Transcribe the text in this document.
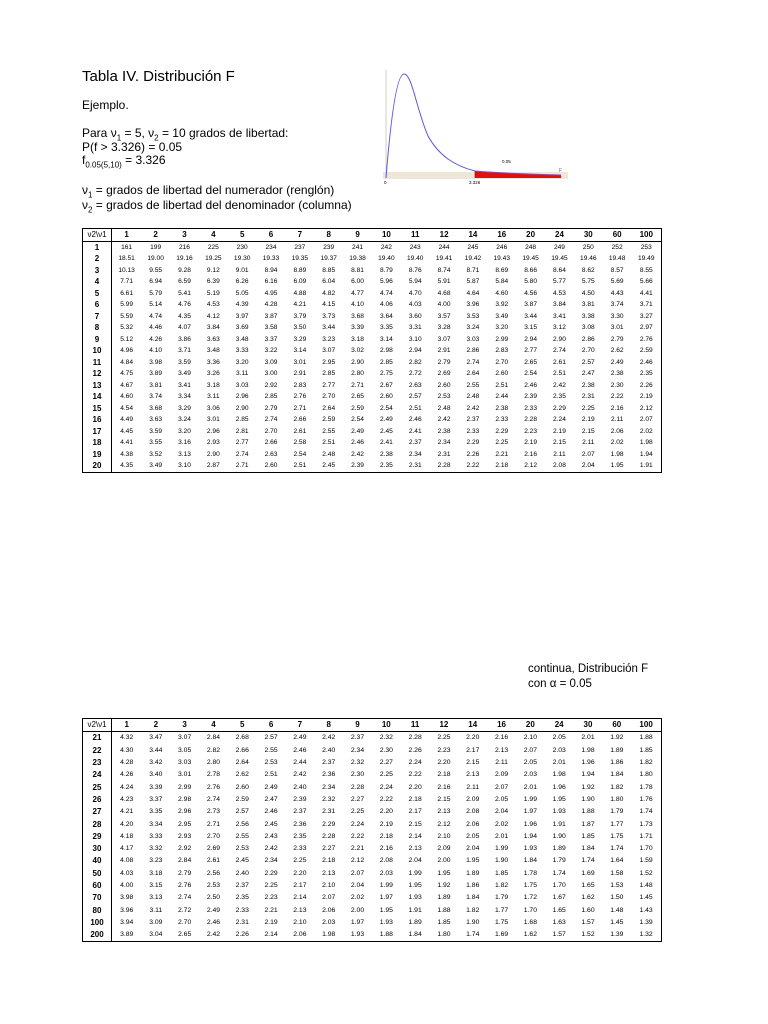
Tabla IV. Distribución F
Ejemplo.
Para $\nu_1 = 5$, $\nu_2 = 10$ grados de libertad:
P(f > 3.326) = 0.05
$f_{0.05(5,10)} = 3.326$
$\nu_1$ = grados de libertad del numerador (renglón)
$\nu_2$ = grados de libertad del denominador (columna)
0.05
0	3.326
F
ν2\ν1	1	2	3	4	5	6	7	8	9	10	11	12	14	16	20	24	30	60	100
1	161	199	216	225	230	234	237	239	241	242	243	244	245	246	248	249	250	252	253
2	18.51	19.00	19.16	19.25	19.30	19.33	19.35	19.37	19.38	19.40	19.40	19.41	19.42	19.43	19.45	19.45	19.46	19.48	19.49
3	10.13	9.55	9.28	9.12	9.01	8.94	8.89	8.85	8.81	8.79	8.76	8.74	8.71	8.69	8.66	8.64	8.62	8.57	8.55
4	7.71	6.94	6.59	6.39	6.26	6.16	6.09	6.04	6.00	5.96	5.94	5.91	5.87	5.84	5.80	5.77	5.75	5.69	5.66
5	6.61	5.79	5.41	5.19	5.05	4.95	4.88	4.82	4.77	4.74	4.70	4.68	4.64	4.60	4.56	4.53	4.50	4.43	4.41
6	5.99	5.14	4.76	4.53	4.39	4.28	4.21	4.15	4.10	4.06	4.03	4.00	3.96	3.92	3.87	3.84	3.81	3.74	3.71
7	5.59	4.74	4.35	4.12	3.97	3.87	3.79	3.73	3.68	3.64	3.60	3.57	3.53	3.49	3.44	3.41	3.38	3.30	3.27
8	5.32	4.46	4.07	3.84	3.69	3.58	3.50	3.44	3.39	3.35	3.31	3.28	3.24	3.20	3.15	3.12	3.08	3.01	2.97
9	5.12	4.26	3.86	3.63	3.48	3.37	3.29	3.23	3.18	3.14	3.10	3.07	3.03	2.99	2.94	2.90	2.86	2.79	2.76
10	4.96	4.10	3.71	3.48	3.33	3.22	3.14	3.07	3.02	2.98	2.94	2.91	2.86	2.83	2.77	2.74	2.70	2.62	2.59
11	4.84	3.98	3.59	3.36	3.20	3.09	3.01	2.95	2.90	2.85	2.82	2.79	2.74	2.70	2.65	2.61	2.57	2.49	2.46
12	4.75	3.89	3.49	3.26	3.11	3.00	2.91	2.85	2.80	2.75	2.72	2.69	2.64	2.60	2.54	2.51	2.47	2.38	2.35
13	4.67	3.81	3.41	3.18	3.03	2.92	2.83	2.77	2.71	2.67	2.63	2.60	2.55	2.51	2.46	2.42	2.38	2.30	2.26
14	4.60	3.74	3.34	3.11	2.96	2.85	2.76	2.70	2.65	2.60	2.57	2.53	2.48	2.44	2.39	2.35	2.31	2.22	2.19
15	4.54	3.68	3.29	3.06	2.90	2.79	2.71	2.64	2.59	2.54	2.51	2.48	2.42	2.38	2.33	2.29	2.25	2.16	2.12
16	4.49	3.63	3.24	3.01	2.85	2.74	2.66	2.59	2.54	2.49	2.46	2.42	2.37	2.33	2.28	2.24	2.19	2.11	2.07
17	4.45	3.59	3.20	2.96	2.81	2.70	2.61	2.55	2.49	2.45	2.41	2.38	2.33	2.29	2.23	2.19	2.15	2.06	2.02
18	4.41	3.55	3.16	2.93	2.77	2.66	2.58	2.51	2.46	2.41	2.37	2.34	2.29	2.25	2.19	2.15	2.11	2.02	1.98
19	4.38	3.52	3.13	2.90	2.74	2.63	2.54	2.48	2.42	2.38	2.34	2.31	2.26	2.21	2.16	2.11	2.07	1.98	1.94
20	4.35	3.49	3.10	2.87	2.71	2.60	2.51	2.45	2.39	2.35	2.31	2.28	2.22	2.18	2.12	2.08	2.04	1.95	1.91
continua, Distribución F
con α = 0.05
ν2\ν1	1	2	3	4	5	6	7	8	9	10	11	12	14	16	20	24	30	60	100
21	4.32	3.47	3.07	2.84	2.68	2.57	2.49	2.42	2.37	2.32	2.28	2.25	2.20	2.16	2.10	2.05	2.01	1.92	1.88
22	4.30	3.44	3.05	2.82	2.66	2.55	2.46	2.40	2.34	2.30	2.26	2.23	2.17	2.13	2.07	2.03	1.98	1.89	1.85
23	4.28	3.42	3.03	2.80	2.64	2.53	2.44	2.37	2.32	2.27	2.24	2.20	2.15	2.11	2.05	2.01	1.96	1.86	1.82
24	4.26	3.40	3.01	2.78	2.62	2.51	2.42	2.36	2.30	2.25	2.22	2.18	2.13	2.09	2.03	1.98	1.94	1.84	1.80
25	4.24	3.39	2.99	2.76	2.60	2.49	2.40	2.34	2.28	2.24	2.20	2.16	2.11	2.07	2.01	1.96	1.92	1.82	1.78
26	4.23	3.37	2.98	2.74	2.59	2.47	2.39	2.32	2.27	2.22	2.18	2.15	2.09	2.05	1.99	1.95	1.90	1.80	1.76
27	4.21	3.35	2.96	2.73	2.57	2.46	2.37	2.31	2.25	2.20	2.17	2.13	2.08	2.04	1.97	1.93	1.88	1.79	1.74
28	4.20	3.34	2.95	2.71	2.56	2.45	2.36	2.29	2.24	2.19	2.15	2.12	2.06	2.02	1.96	1.91	1.87	1.77	1.73
29	4.18	3.33	2.93	2.70	2.55	2.43	2.35	2.28	2.22	2.18	2.14	2.10	2.05	2.01	1.94	1.90	1.85	1.75	1.71
30	4.17	3.32	2.92	2.69	2.53	2.42	2.33	2.27	2.21	2.16	2.13	2.09	2.04	1.99	1.93	1.89	1.84	1.74	1.70
40	4.08	3.23	2.84	2.61	2.45	2.34	2.25	2.18	2.12	2.08	2.04	2.00	1.95	1.90	1.84	1.79	1.74	1.64	1.59
50	4.03	3.18	2.79	2.56	2.40	2.29	2.20	2.13	2.07	2.03	1.99	1.95	1.89	1.85	1.78	1.74	1.69	1.58	1.52
60	4.00	3.15	2.76	2.53	2.37	2.25	2.17	2.10	2.04	1.99	1.95	1.92	1.86	1.82	1.75	1.70	1.65	1.53	1.48
70	3.98	3.13	2.74	2.50	2.35	2.23	2.14	2.07	2.02	1.97	1.93	1.89	1.84	1.79	1.72	1.67	1.62	1.50	1.45
80	3.96	3.11	2.72	2.49	2.33	2.21	2.13	2.06	2.00	1.95	1.91	1.88	1.82	1.77	1.70	1.65	1.60	1.48	1.43
100	3.94	3.09	2.70	2.46	2.31	2.19	2.10	2.03	1.97	1.93	1.89	1.85	1.90	1.75	1.68	1.63	1.57	1.45	1.39
200	3.89	3.04	2.65	2.42	2.26	2.14	2.06	1.98	1.93	1.88	1.84	1.80	1.74	1.69	1.62	1.57	1.52	1.39	1.32
